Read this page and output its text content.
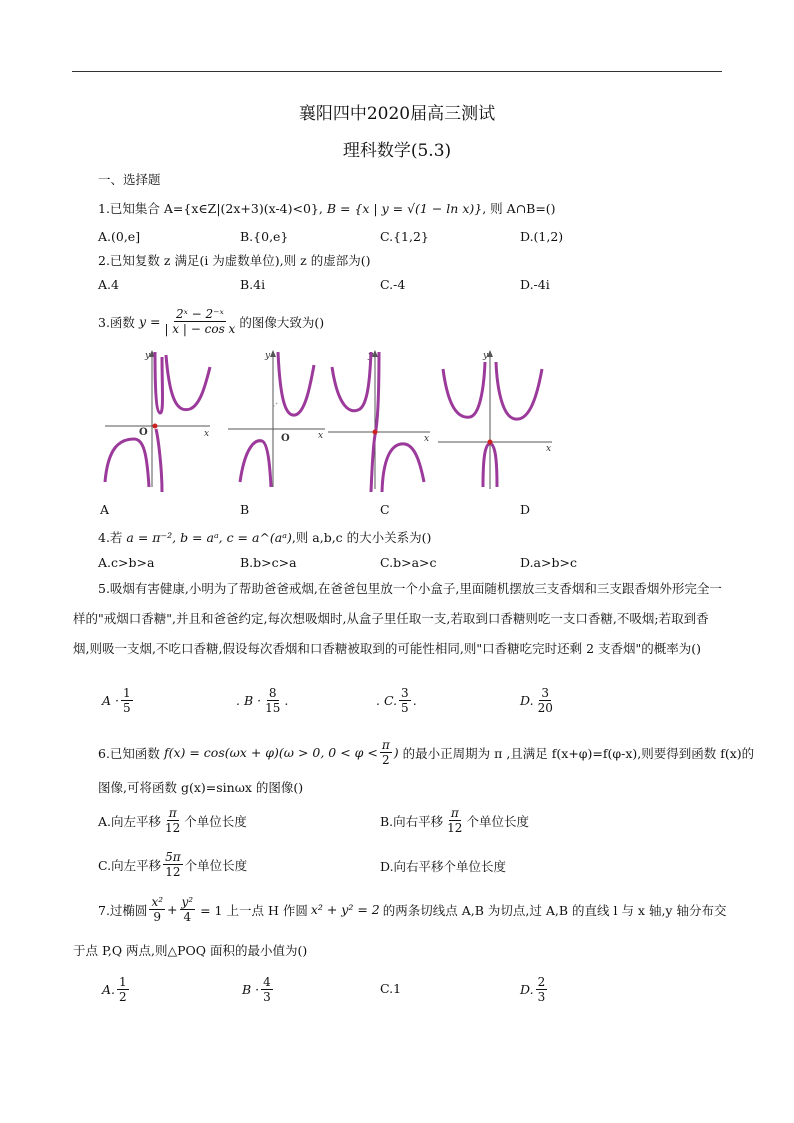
襄阳四中2020届高三测试
理科数学(5.3)
一、选择题
1.已知集合 A={x∈Z|(2x+3)(x-4)<0}, B = {x | y = √(1 − ln x)}, 则 A∩B=()
A.(0,e]	B.{0,e}	C.{1,2}	D.(1,2)
2.已知复数 z 满足(i 为虚数单位),则 z 的虚部为()
A.4	B.4i	C.-4	D.-4i
3.函数 $y = \frac{\text{2ˣ − 2⁻ˣ}}{\text{| x | − cos x}}$ 的图像大致为()
y
x
O
y
x
O
y
x
y
x
A	B	C	D
4.若 a = π⁻², b = aᵃ, c = a^(aᵃ),则 a,b,c 的大小关系为()
A.c>b>a	B.b>c>a	C.b>a>c	D.a>b>c
5.吸烟有害健康,小明为了帮助爸爸戒烟,在爸爸包里放一个小盒子,里面随机摆放三支香烟和三支跟香烟外形完全一样的"戒烟口香糖",并且和爸爸约定,每次想吸烟时,从盒子里任取一支,若取到口香糖则吃一支口香糖,不吸烟;若取到香烟,则吸一支烟,不吃口香糖,假设每次香烟和口香糖被取到的可能性相同,则"口香糖吃完时还剩 2 支香烟"的概率为()
$A \cdot \frac{1}{5}$	. $B \cdot \frac{8}{15}$ .	. C. $\frac{3}{5}$ .	D. $\frac{3}{20}$
6.已知函数 f(x) = cos(ωx + φ)(ω > 0, $0 < \varphi < \frac{\pi}{2}$ ) 的最小正周期为 π ,且满足 f(x+φ)=f(φ-x),则要得到函数 f(x)的
图像,可将函数 g(x)=sinωx 的图像()
A.向左平移 $\frac{\pi}{12}$ 个单位长度	B.向右平移 $\frac{\pi}{12}$ 个单位长度
C.向左平移 $\frac{5\pi}{12}$ 个单位长度	D.向右平移个单位长度
7.过椭圆 $\frac{\text{x²}}{9} + \frac{\text{y²}}{4} = 1$ 上一点 H 作圆 x² + y² = 2 的两条切线点 A,B 为切点,过 A,B 的直线 l 与 x 轴,y 轴分布交
于点 P,Q 两点,则△POQ 面积的最小值为()
A. $\frac{1}{2}$	$B \cdot \frac{4}{3}$	C.1	D. $\frac{2}{3}$
